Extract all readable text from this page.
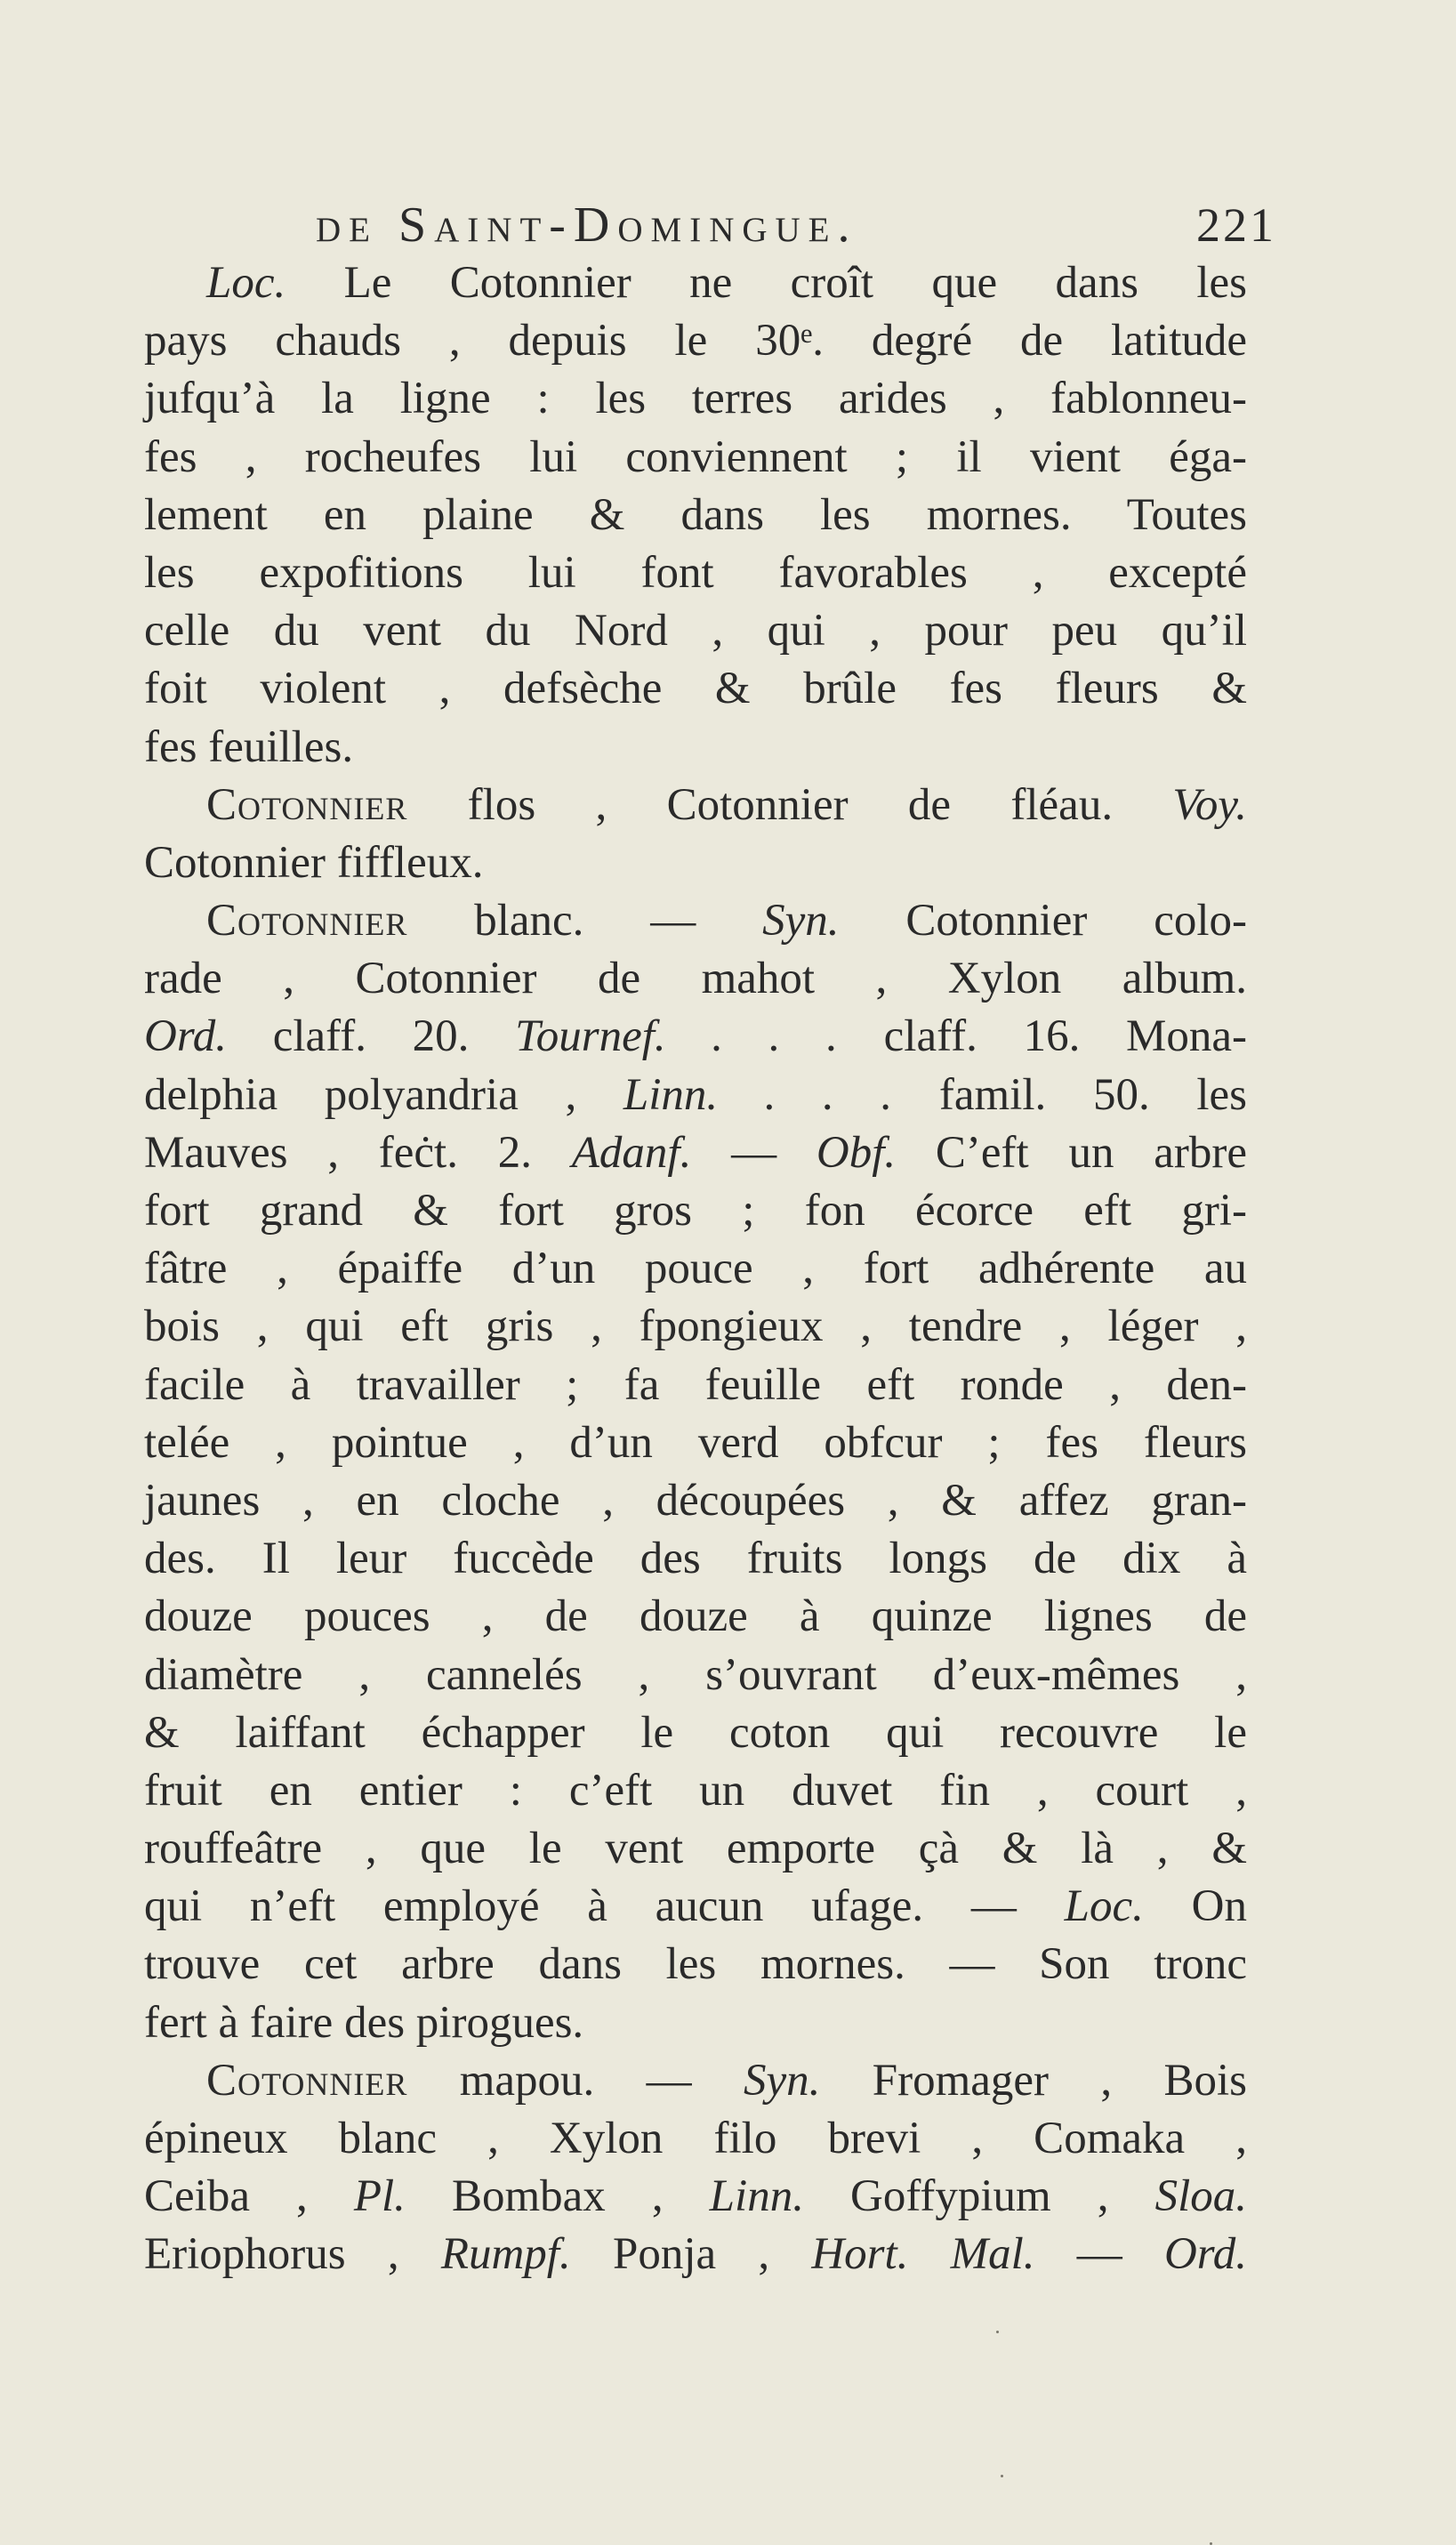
de Saint-Domingue.	221
Loc. Le Cotonnier ne croît que dans les
pays chauds , depuis le 30ᵉ. degré de latitude
jufqu’à la ligne : les terres arides , fablonneu-
fes , rocheufes lui conviennent ; il vient éga-
lement en plaine & dans les mornes. Toutes
les expofitions lui font favorables , excepté
celle du vent du Nord , qui , pour peu qu’il
foit violent , defsèche & brûle fes fleurs &
fes feuilles.
Cotonnier flos , Cotonnier de fléau. Voy.
Cotonnier fiffleux.
Cotonnier blanc. — Syn. Cotonnier colo-
rade , Cotonnier de mahot , Xylon album.
Ord. claff. 20. Tournef. . . . claff. 16. Mona-
delphia polyandria , Linn. . . . famil. 50. les
Mauves , feċt. 2. Adanf. — Obf. C’eft un arbre
fort grand & fort gros ; fon écorce eft gri-
fâtre , épaiffe d’un pouce , fort adhérente au
bois , qui eft gris , fpongieux , tendre , léger ,
facile à travailler ; fa feuille eft ronde , den-
telée , pointue , d’un verd obfcur ; fes fleurs
jaunes , en cloche , découpées , & affez gran-
des. Il leur fuccède des fruits longs de dix à
douze pouces , de douze à quinze lignes de
diamètre , cannelés , s’ouvrant d’eux-mêmes ,
& laiffant échapper le coton qui recouvre le
fruit en entier : c’eft un duvet fin , court ,
rouffeâtre , que le vent emporte çà & là , &
qui n’eft employé à aucun ufage. — Loc. On
trouve cet arbre dans les mornes. — Son tronc
fert à faire des pirogues.
Cotonnier mapou. — Syn. Fromager , Bois
épineux blanc , Xylon filo brevi , Comaka ,
Ceiba , Pl. Bombax , Linn. Goffypium , Sloa.
Eriophorus , Rumpf. Ponja , Hort. Mal. — Ord.
